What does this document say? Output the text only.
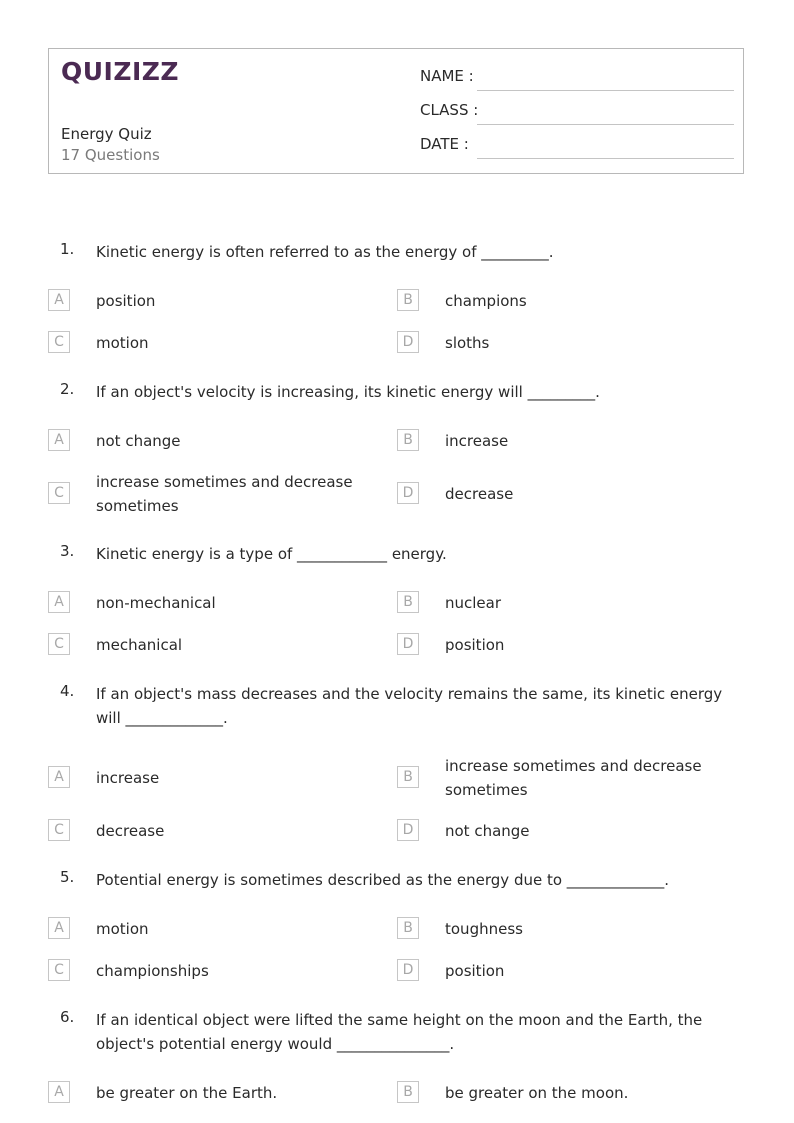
QUIZIZZ
Energy Quiz
17 Questions
NAME :
CLASS :
DATE :
1. Kinetic energy is often referred to as the energy of _________.
A	position	B	champions
C	motion	D	sloths
2. If an object's velocity is increasing, its kinetic energy will _________.
A	not change	B	increase
C
increase sometimes and decrease sometimes
D	decrease
3. Kinetic energy is a type of ____________ energy.
A	non-mechanical	B	nuclear
C	mechanical	D	position
4. If an object's mass decreases and the velocity remains the same, its kinetic energy will _____________.
A	increase	B
increase sometimes and decrease sometimes
C	decrease	D	not change
5. Potential energy is sometimes described as the energy due to _____________.
A	motion	B	toughness
C	championships	D	position
6. If an identical object were lifted the same height on the moon and the Earth, the object's potential energy would _______________.
A	be greater on the Earth.	B	be greater on the moon.
